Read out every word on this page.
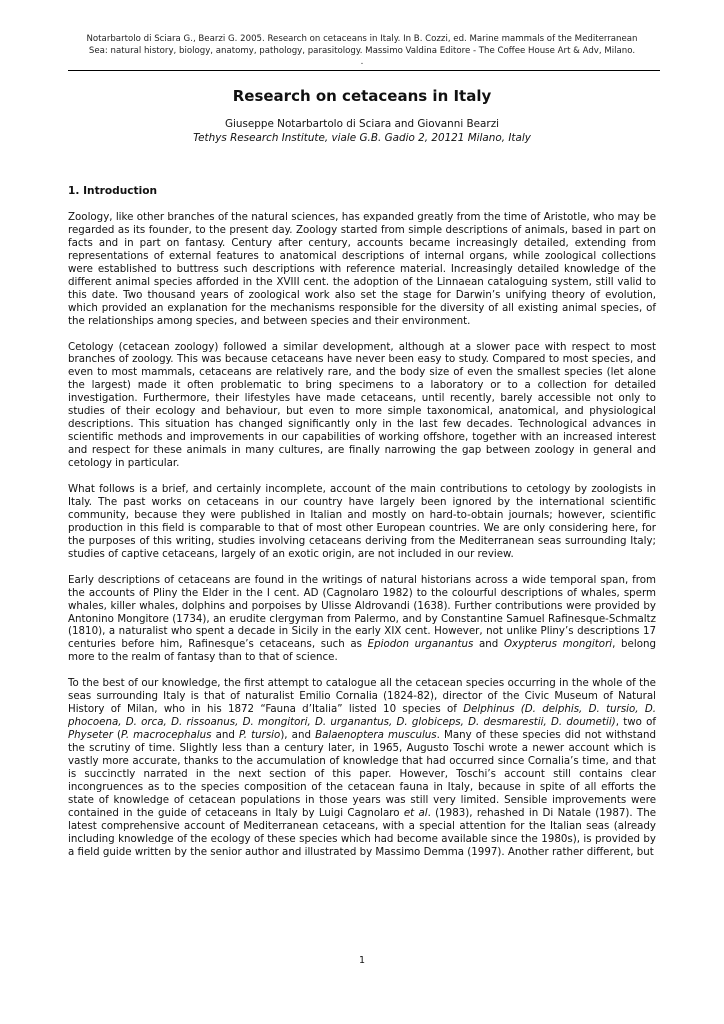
Notarbartolo di Sciara G., Bearzi G. 2005. Research on cetaceans in Italy. In B. Cozzi, ed. Marine mammals of the Mediterranean
Sea: natural history, biology, anatomy, pathology, parasitology. Massimo Valdina Editore - The Coffee House Art & Adv, Milano.
.
Research on cetaceans in Italy
Giuseppe Notarbartolo di Sciara and Giovanni Bearzi
Tethys Research Institute, viale G.B. Gadio 2, 20121 Milano, Italy
1. Introduction

Zoology, like other branches of the natural sciences, has expanded greatly from the time of Aristotle, who may be regarded as its founder, to the present day. Zoology started from simple descriptions of animals, based in part on facts and in part on fantasy. Century after century, accounts became increasingly detailed, extending from representations of external features to anatomical descriptions of internal organs, while zoological collections were established to buttress such descriptions with reference material. Increasingly detailed knowledge of the different animal species afforded in the XVIII cent. the adoption of the Linnaean cataloguing system, still valid to this date. Two thousand years of zoological work also set the stage for Darwin’s unifying theory of evolution, which provided an explanation for the mechanisms responsible for the diversity of all existing animal species, of the relationships among species, and between species and their environment.

Cetology (cetacean zoology) followed a similar development, although at a slower pace with respect to most branches of zoology. This was because cetaceans have never been easy to study. Compared to most species, and even to most mammals, cetaceans are relatively rare, and the body size of even the smallest species (let alone the largest) made it often problematic to bring specimens to a laboratory or to a collection for detailed investigation. Furthermore, their lifestyles have made cetaceans, until recently, barely accessible not only to studies of their ecology and behaviour, but even to more simple taxonomical, anatomical, and physiological descriptions. This situation has changed significantly only in the last few decades. Technological advances in scientific methods and improvements in our capabilities of working offshore, together with an increased interest and respect for these animals in many cultures, are finally narrowing the gap between zoology in general and cetology in particular.

What follows is a brief, and certainly incomplete, account of the main contributions to cetology by zoologists in Italy. The past works on cetaceans in our country have largely been ignored by the international scientific community, because they were published in Italian and mostly on hard-to-obtain journals; however, scientific production in this field is comparable to that of most other European countries. We are only considering here, for the purposes of this writing, studies involving cetaceans deriving from the Mediterranean seas surrounding Italy; studies of captive cetaceans, largely of an exotic origin, are not included in our review.

Early descriptions of cetaceans are found in the writings of natural historians across a wide temporal span, from the accounts of Pliny the Elder in the I cent. AD (Cagnolaro 1982) to the colourful descriptions of whales, sperm whales, killer whales, dolphins and porpoises by Ulisse Aldrovandi (1638). Further contributions were provided by Antonino Mongitore (1734), an erudite clergyman from Palermo, and by Constantine Samuel Rafinesque-Schmaltz (1810), a naturalist who spent a decade in Sicily in the early XIX cent. However, not unlike Pliny’s descriptions 17 centuries before him, Rafinesque’s cetaceans, such as Epiodon urganantus and Oxypterus mongitori, belong more to the realm of fantasy than to that of science.

To the best of our knowledge, the first attempt to catalogue all the cetacean species occurring in the whole of the seas surrounding Italy is that of naturalist Emilio Cornalia (1824-82), director of the Civic Museum of Natural History of Milan, who in his 1872 “Fauna d’Italia” listed 10 species of Delphinus (D. delphis, D. tursio, D. phocoena, D. orca, D. rissoanus, D. mongitori, D. urganantus, D. globiceps, D. desmarestii, D. doumetii), two of Physeter (P. macrocephalus and P. tursio), and Balaenoptera musculus. Many of these species did not withstand the scrutiny of time. Slightly less than a century later, in 1965, Augusto Toschi wrote a newer account which is vastly more accurate, thanks to the accumulation of knowledge that had occurred since Cornalia’s time, and that is succinctly narrated in the next section of this paper. However, Toschi’s account still contains clear incongruences as to the species composition of the cetacean fauna in Italy, because in spite of all efforts the state of knowledge of cetacean populations in those years was still very limited. Sensible improvements were contained in the guide of cetaceans in Italy by Luigi Cagnolaro et al. (1983), rehashed in Di Natale (1987). The latest comprehensive account of Mediterranean cetaceans, with a special attention for the Italian seas (already including knowledge of the ecology of these species which had become available since the 1980s), is provided by a field guide written by the senior author and illustrated by Massimo Demma (1997). Another rather different, but

1
